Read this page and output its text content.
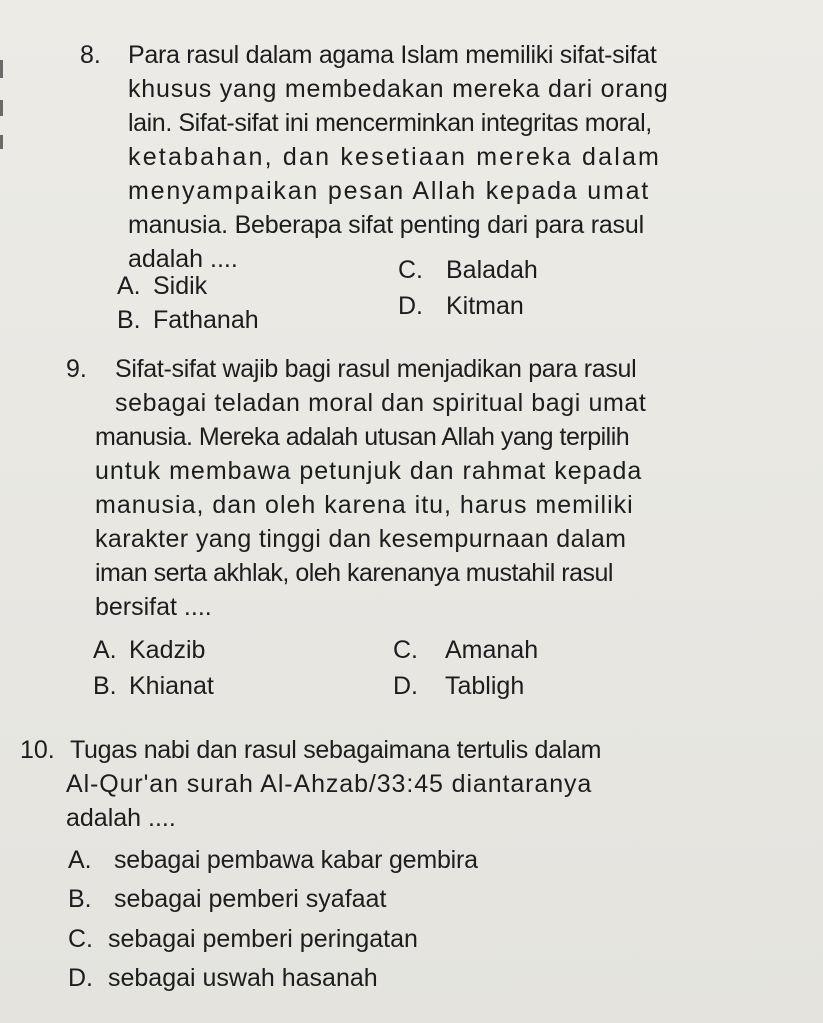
​
8. Para rasul dalam agama Islam memiliki sifat-sifat
khusus yang membedakan mereka dari orang
lain. Sifat-sifat ini mencerminkan integritas moral,
ketabahan, dan kesetiaan mereka dalam
menyampaikan pesan Allah kepada umat
manusia. Beberapa sifat penting dari para rasul
adalah ....
A. Sidik
B. Fathanah
C. Baladah
D. Kitman
9. Sifat-sifat wajib bagi rasul menjadikan para rasul
sebagai teladan moral dan spiritual bagi umat
manusia. Mereka adalah utusan Allah yang terpilih
untuk membawa petunjuk dan rahmat kepada
manusia, dan oleh karena itu, harus memiliki
karakter yang tinggi dan kesempurnaan dalam
iman serta akhlak, oleh karenanya mustahil rasul
bersifat ....
A. Kadzib
B. Khianat
C. Amanah
D. Tabligh
10. Tugas nabi dan rasul sebagaimana tertulis dalam
Al-Qur'an surah Al-Ahzab/33:45 diantaranya
adalah ....
A. sebagai pembawa kabar gembira
B. sebagai pemberi syafaat
C. sebagai pemberi peringatan
D. sebagai uswah hasanah
